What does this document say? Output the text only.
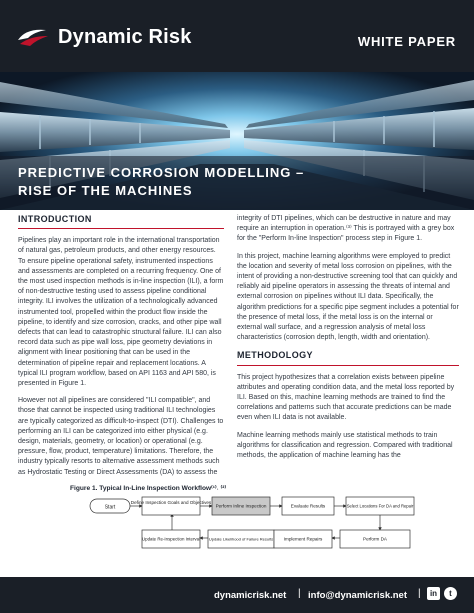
Dynamic Risk	WHITE PAPER
PREDICTIVE CORROSION MODELLING –
RISE OF THE MACHINES
INTRODUCTION

Pipelines play an important role in the international transportation of natural gas, petroleum products, and other energy resources. To ensure pipeline operational safety, instrumented inspections and assessments are completed on a recurring frequency. One of the most used inspection methods is in-line inspection (ILI), a form of non-destructive testing used to assess pipeline conditional integrity. ILI involves the utilization of a technologically advanced instrumented tool, propelled within the product flow inside the pipeline, to identify and size corrosion, cracks, and other pipe wall defects that can lead to catastrophic structural failure. ILI can also record data such as pipe wall loss, pipe geometry deviations in alignment with linear positioning that can be used in the determination of pipeline repair and replacement locations. A typical ILI program workflow, based on API 1163 and API 580, is presented in Figure 1.

However not all pipelines are considered "ILI compatible", and those that cannot be inspected using traditional ILI technologies are typically categorized as difficult-to-inspect (DTI). Challenges to performing an ILI can be categorized into either physical (e.g. design, materials, geometry, or location) or operational (e.g. pressure, flow, product, temperature) limitations. Therefore, the industry typically resorts to alternative assessment methods such as Hydrostatic Testing or Direct Assessments (DA) to assess the

integrity of DTI pipelines, which can be destructive in nature and may require an interruption in operation.⁽³⁾ This is portrayed with a grey box for the "Perform In-line Inspection" process step in Figure 1.

In this project, machine learning algorithms were employed to predict the location and severity of metal loss corrosion on pipelines, with the intent of providing a non-destructive screening tool that can quickly and reliably aid pipeline operators in assessing the threats of internal and external corrosion on pipelines without ILI data. Specifically, the algorithm predictions for a specific pipe segment includes a potential for the presence of metal loss, if the metal loss is on the internal or external wall surface, and a regression analysis of metal loss characteristics (corrosion depth, length, width and orientation).

METHODOLOGY

This project hypothesizes that a correlation exists between pipeline attributes and operating condition data, and the metal loss reported by ILI. Based on this, machine learning methods are trained to find the correlations and patterns such that accurate predictions can be made even when ILI data is not available.

Machine learning methods mainly use statistical methods to train algorithms for classification and regression. Compared with traditional methods, the application of machine learning has the

Figure 1. Typical In-Line Inspection Workflow⁽¹⁾˒ ⁽²⁾
Start
Define Inspection Goals and Objectives
Perform Inline Inspection	Evaluate Results	Select Locations For DA and Repair
Update Re-Inspection Interval Update Likelihood of Failure Results Implement Repairs	Perform DA
dynamicrisk.net | info@dynamicrisk.net |	in	t
